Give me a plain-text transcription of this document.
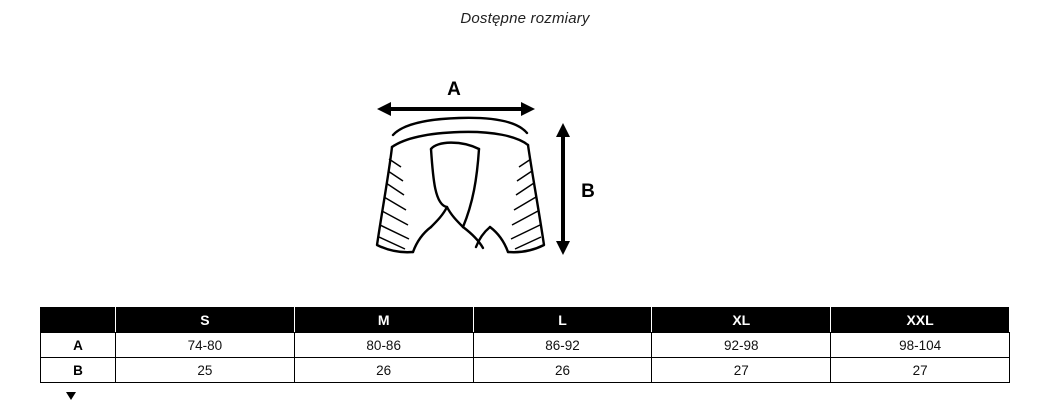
Dostępne rozmiary
A
B
	S	M	L	XL	XXL
A	74-80	80-86	86-92	92-98	98-104
B	25	26	26	27	27
